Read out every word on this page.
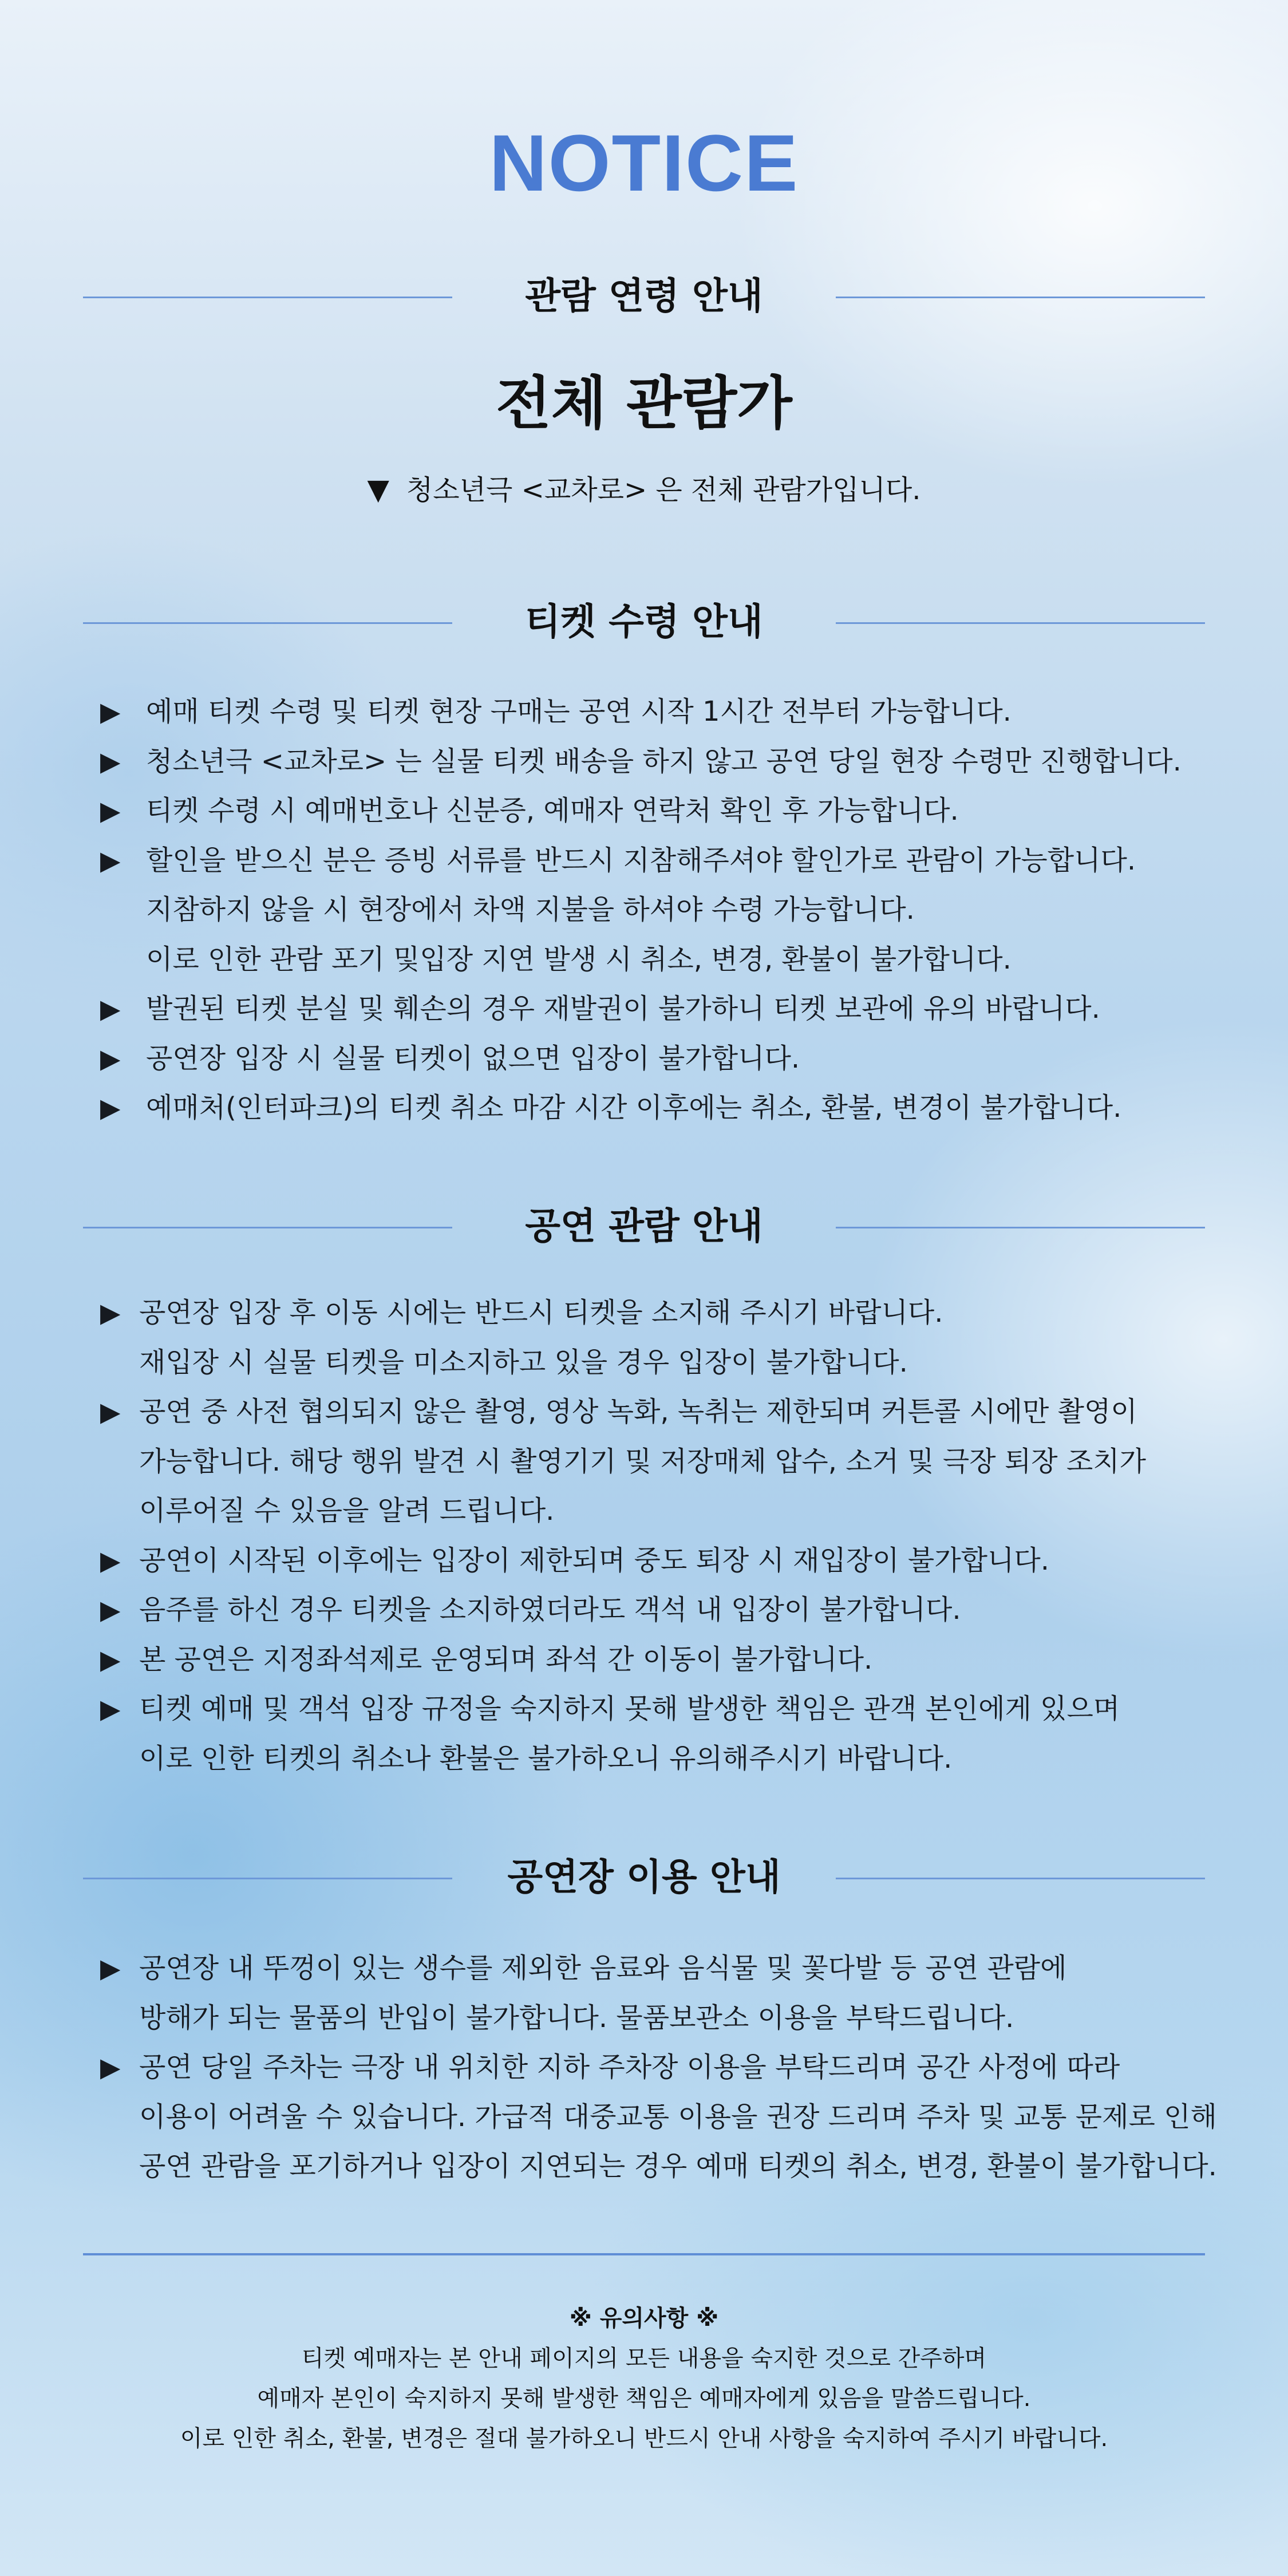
NOTICE
관람 연령 안내
전체 관람가
▼ 청소년극 <교차로> 은 전체 관람가입니다.
티켓 수령 안내
▶ 예매 티켓 수령 및 티켓 현장 구매는 공연 시작 1시간 전부터 가능합니다.
▶ 청소년극 <교차로> 는 실물 티켓 배송을 하지 않고 공연 당일 현장 수령만 진행합니다.
▶ 티켓 수령 시 예매번호나 신분증, 예매자 연락처 확인 후 가능합니다.
▶ 할인을 받으신 분은 증빙 서류를 반드시 지참해주셔야 할인가로 관람이 가능합니다.
지참하지 않을 시 현장에서 차액 지불을 하셔야 수령 가능합니다.
이로 인한 관람 포기 및입장 지연 발생 시 취소, 변경, 환불이 불가합니다.
▶ 발권된 티켓 분실 및 훼손의 경우 재발권이 불가하니 티켓 보관에 유의 바랍니다.
▶ 공연장 입장 시 실물 티켓이 없으면 입장이 불가합니다.
▶ 예매처(인터파크)의 티켓 취소 마감 시간 이후에는 취소, 환불, 변경이 불가합니다.
공연 관람 안내
▶ 공연장 입장 후 이동 시에는 반드시 티켓을 소지해 주시기 바랍니다.
재입장 시 실물 티켓을 미소지하고 있을 경우 입장이 불가합니다.
▶ 공연 중 사전 협의되지 않은 촬영, 영상 녹화, 녹취는 제한되며 커튼콜 시에만 촬영이
가능합니다. 해당 행위 발견 시 촬영기기 및 저장매체 압수, 소거 및 극장 퇴장 조치가
이루어질 수 있음을 알려 드립니다.
▶ 공연이 시작된 이후에는 입장이 제한되며 중도 퇴장 시 재입장이 불가합니다.
▶ 음주를 하신 경우 티켓을 소지하였더라도 객석 내 입장이 불가합니다.
▶ 본 공연은 지정좌석제로 운영되며 좌석 간 이동이 불가합니다.
▶ 티켓 예매 및 객석 입장 규정을 숙지하지 못해 발생한 책임은 관객 본인에게 있으며
이로 인한 티켓의 취소나 환불은 불가하오니 유의해주시기 바랍니다.
공연장 이용 안내
▶ 공연장 내 뚜껑이 있는 생수를 제외한 음료와 음식물 및 꽃다발 등 공연 관람에
방해가 되는 물품의 반입이 불가합니다. 물품보관소 이용을 부탁드립니다.
▶ 공연 당일 주차는 극장 내 위치한 지하 주차장 이용을 부탁드리며 공간 사정에 따라
이용이 어려울 수 있습니다. 가급적 대중교통 이용을 권장 드리며 주차 및 교통 문제로 인해
공연 관람을 포기하거나 입장이 지연되는 경우 예매 티켓의 취소, 변경, 환불이 불가합니다.
※ 유의사항 ※
티켓 예매자는 본 안내 페이지의 모든 내용을 숙지한 것으로 간주하며
예매자 본인이 숙지하지 못해 발생한 책임은 예매자에게 있음을 말씀드립니다.
이로 인한 취소, 환불, 변경은 절대 불가하오니 반드시 안내 사항을 숙지하여 주시기 바랍니다.
